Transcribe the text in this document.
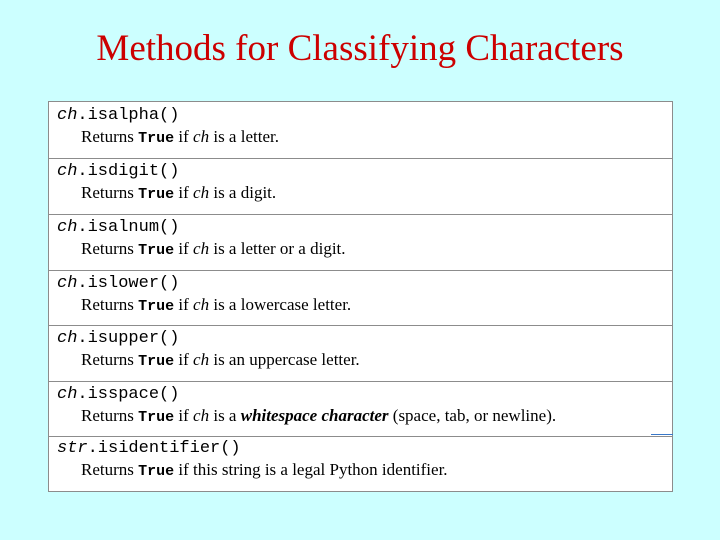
Methods for Classifying Characters
ch.isalpha()
Returns True if ch is a letter.
ch.isdigit()
Returns True if ch is a digit.
ch.isalnum()
Returns True if ch is a letter or a digit.
ch.islower()
Returns True if ch is a lowercase letter.
ch.isupper()
Returns True if ch is an uppercase letter.
ch.isspace()
Returns True if ch is a whitespace character (space, tab, or newline).
str.isidentifier()
Returns True if this string is a legal Python identifier.
